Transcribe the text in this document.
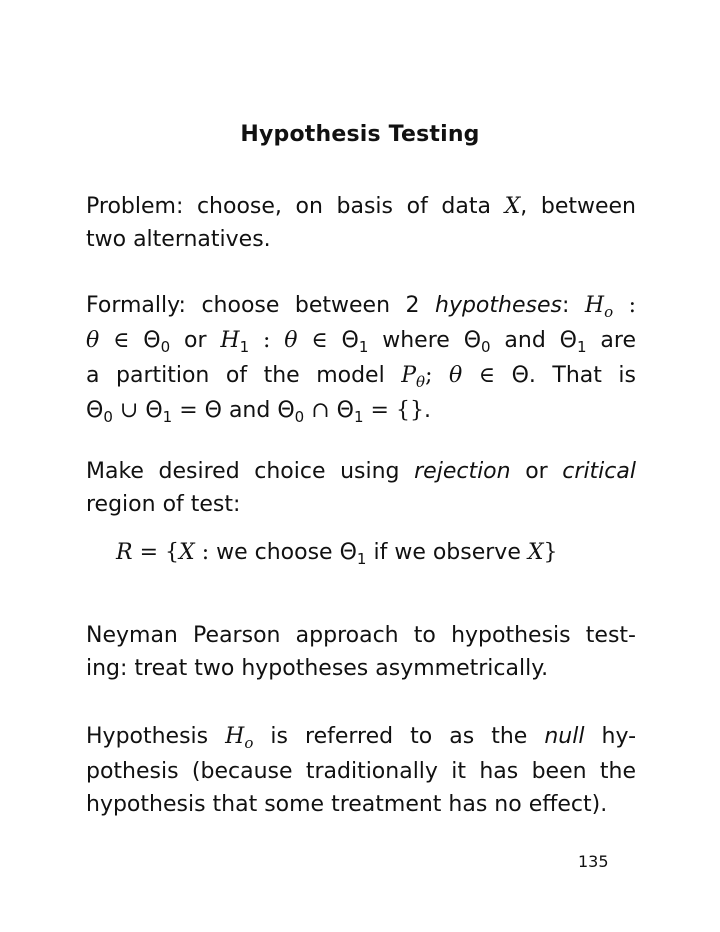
Hypothesis Testing
Problem: choose, on basis of data X, between
two alternatives.
Formally: choose between 2 hypotheses: $H_o$ :
θ ∈ $\Theta_0$ or $H_1$ : θ ∈ $\Theta_1$ where $\Theta_0$ and $\Theta_1$ are
a partition of the model $P_\theta$; θ ∈ Θ. That is
$\Theta_0$ ∪ $\Theta_1 = \Theta$ and $\Theta_0$ ∩ $\Theta_1$ = {}.
Make desired choice using rejection or critical
region of test:
R = {X : we choose $\Theta_1$ if we observe X}
Neyman Pearson approach to hypothesis test-
ing: treat two hypotheses asymmetrically.
Hypothesis $H_o$ is referred to as the null hy-
pothesis (because traditionally it has been the
hypothesis that some treatment has no effect).
135
